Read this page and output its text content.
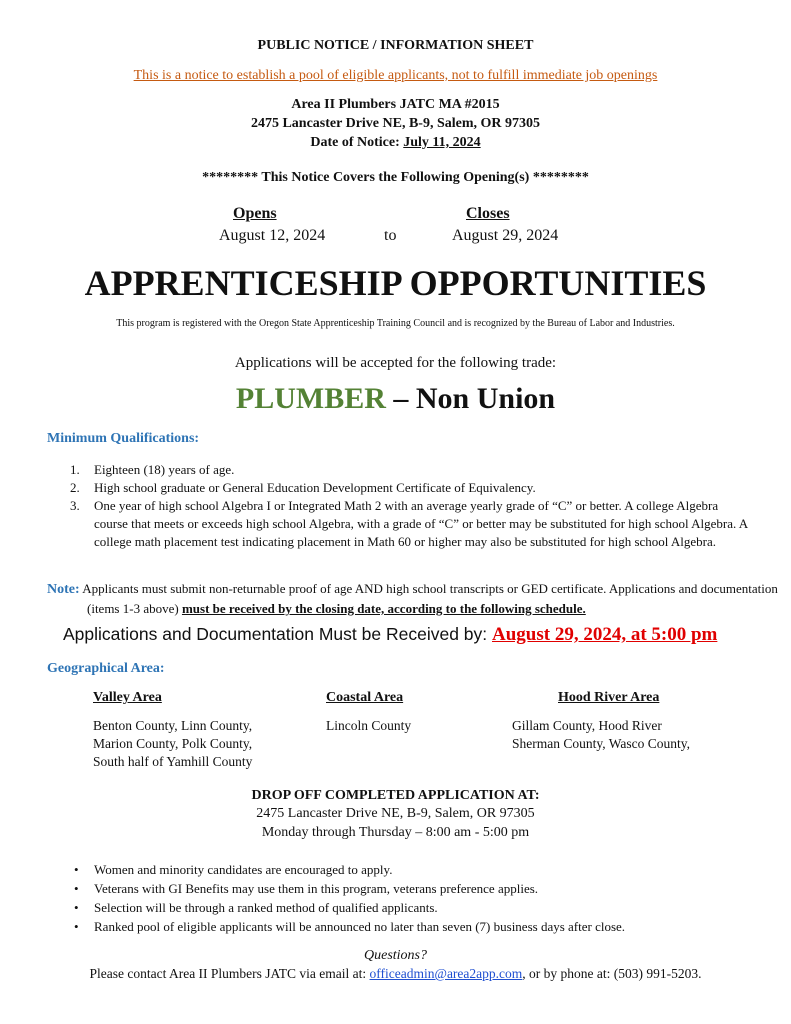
PUBLIC NOTICE / INFORMATION SHEET
This is a notice to establish a pool of eligible applicants, not to fulfill immediate job openings
Area II Plumbers JATC MA #2015
2475 Lancaster Drive NE, B-9, Salem, OR 97305
Date of Notice: July 11, 2024
******** This Notice Covers the Following Opening(s) ********
Opens
August 12, 2024	to
Closes
August 29, 2024
APPRENTICESHIP OPPORTUNITIES
This program is registered with the Oregon State Apprenticeship Training Council and is recognized by the Bureau of Labor and Industries.
Applications will be accepted for the following trade:
PLUMBER – Non Union
Minimum Qualifications:
1. Eighteen (18) years of age.
2. High school graduate or General Education Development Certificate of Equivalency.
3. One year of high school Algebra I or Integrated Math 2 with an average yearly grade of “C” or better. A college Algebra course that meets or exceeds high school Algebra, with a grade of “C” or better may be substituted for high school Algebra. A college math placement test indicating placement in Math 60 or higher may also be substituted for high school Algebra.
Note: Applicants must submit non-returnable proof of age AND high school transcripts or GED certificate. Applications and documentation (items 1-3 above) must be received by the closing date, according to the following schedule.
Applications and Documentation Must be Received by: August 29, 2024, at 5:00 pm
Geographical Area:
Valley Area
Benton County, Linn County,
Marion County, Polk County,
South half of Yamhill County
Coastal Area
Lincoln County
Hood River Area
Gillam County, Hood River
Sherman County, Wasco County,
DROP OFF COMPLETED APPLICATION AT:
2475 Lancaster Drive NE, B-9, Salem, OR 97305
Monday through Thursday – 8:00 am - 5:00 pm
• Women and minority candidates are encouraged to apply.
• Veterans with GI Benefits may use them in this program, veterans preference applies.
• Selection will be through a ranked method of qualified applicants.
• Ranked pool of eligible applicants will be announced no later than seven (7) business days after close.
Questions?
Please contact Area II Plumbers JATC via email at: officeadmin@area2app.com, or by phone at: (503) 991-5203.
